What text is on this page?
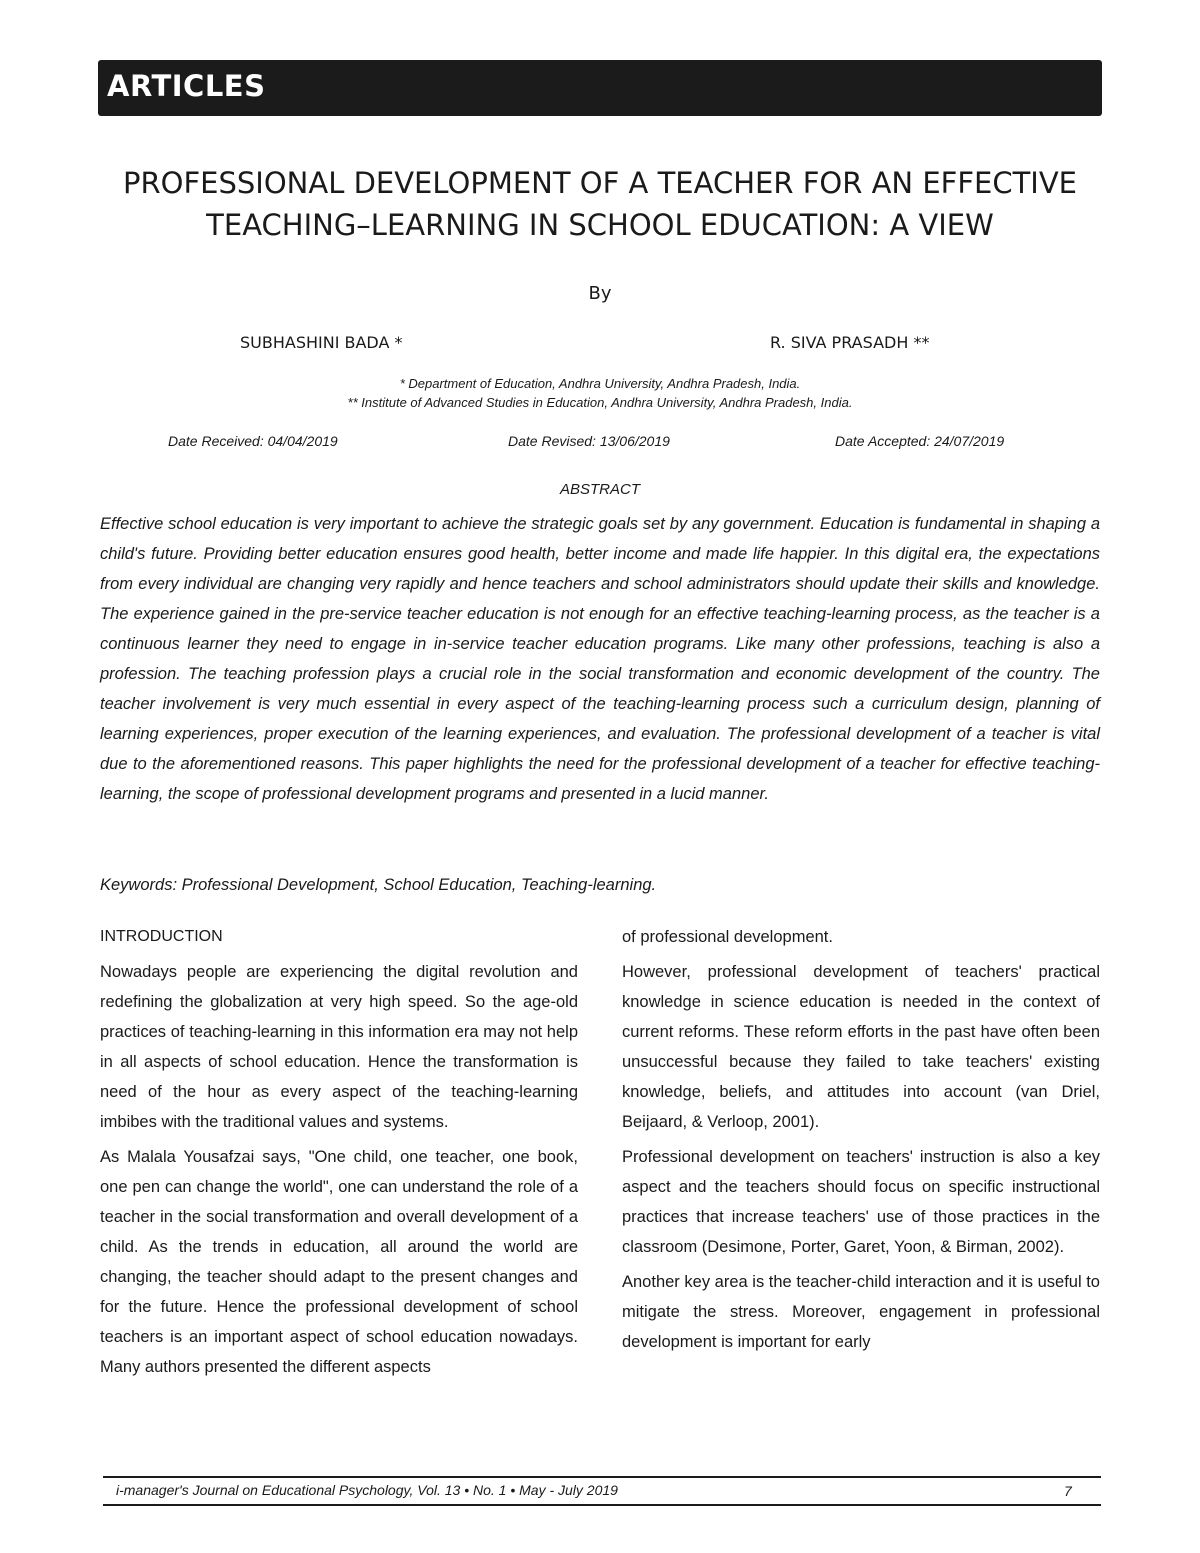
ARTICLES
PROFESSIONAL DEVELOPMENT OF A TEACHER FOR AN EFFECTIVE
TEACHING–LEARNING IN SCHOOL EDUCATION: A VIEW
By
SUBHASHINI BADA *	R. SIVA PRASADH **
* Department of Education, Andhra University, Andhra Pradesh, India.
** Institute of Advanced Studies in Education, Andhra University, Andhra Pradesh, India.
Date Received: 04/04/2019	Date Revised: 13/06/2019	Date Accepted: 24/07/2019
ABSTRACT

Effective school education is very important to achieve the strategic goals set by any government. Education is fundamental in shaping a child's future. Providing better education ensures good health, better income and made life happier. In this digital era, the expectations from every individual are changing very rapidly and hence teachers and school administrators should update their skills and knowledge. The experience gained in the pre-service teacher education is not enough for an effective teaching-learning process, as the teacher is a continuous learner they need to engage in in-service teacher education programs. Like many other professions, teaching is also a profession. The teaching profession plays a crucial role in the social transformation and economic development of the country. The teacher involvement is very much essential in every aspect of the teaching-learning process such a curriculum design, planning of learning experiences, proper execution of the learning experiences, and evaluation. The professional development of a teacher is vital due to the aforementioned reasons. This paper highlights the need for the professional development of a teacher for effective teaching-learning, the scope of professional development programs and presented in a lucid manner.

Keywords: Professional Development, School Education, Teaching-learning.
INTRODUCTION

Nowadays people are experiencing the digital revolution and redefining the globalization at very high speed. So the age-old practices of teaching-learning in this information era may not help in all aspects of school education. Hence the transformation is need of the hour as every aspect of the teaching-learning imbibes with the traditional values and systems.

As Malala Yousafzai says, "One child, one teacher, one book, one pen can change the world", one can understand the role of a teacher in the social transformation and overall development of a child. As the trends in education, all around the world are changing, the teacher should adapt to the present changes and for the future. Hence the professional development of school teachers is an important aspect of school education nowadays. Many authors presented the different aspects

of professional development.

However, professional development of teachers' practical knowledge in science education is needed in the context of current reforms. These reform efforts in the past have often been unsuccessful because they failed to take teachers' existing knowledge, beliefs, and attitudes into account (van Driel, Beijaard, & Verloop, 2001).

Professional development on teachers' instruction is also a key aspect and the teachers should focus on specific instructional practices that increase teachers' use of those practices in the classroom (Desimone, Porter, Garet, Yoon, & Birman, 2002).

Another key area is the teacher-child interaction and it is useful to mitigate the stress. Moreover, engagement in professional development is important for early

i-manager's Journal on Educational Psychology, Vol. 13 • No. 1 • May - July 2019	7
